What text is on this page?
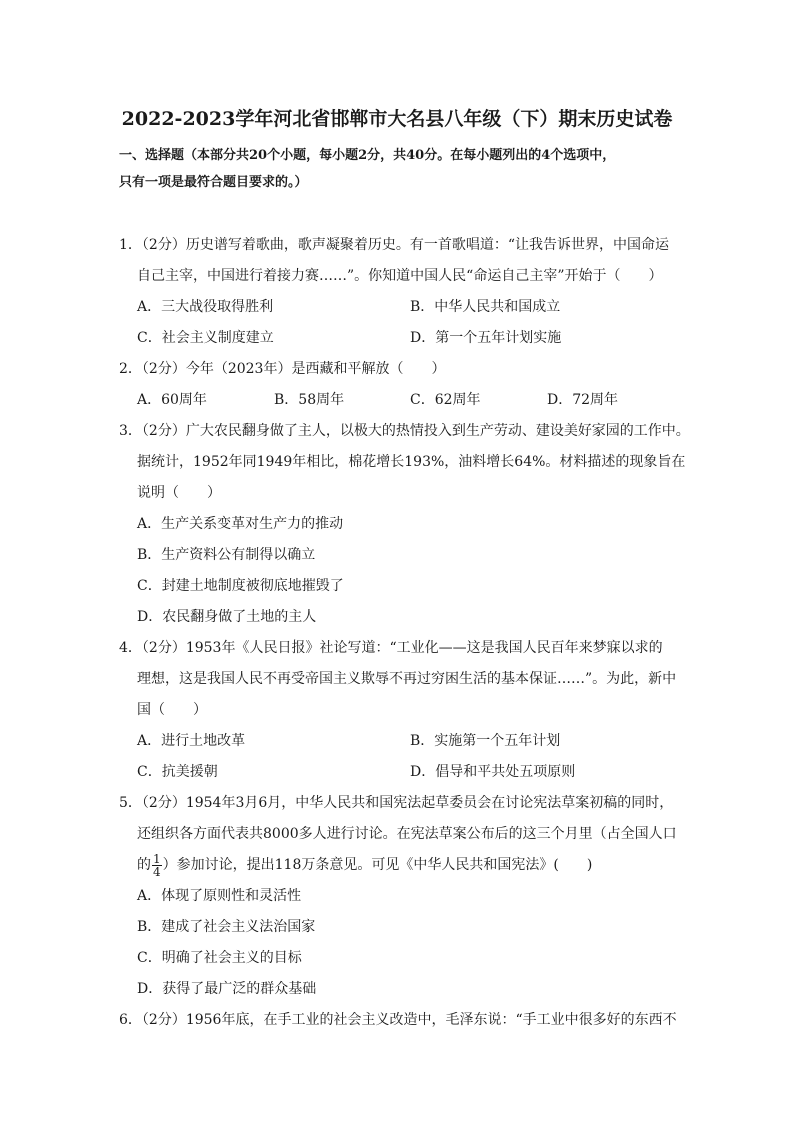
2022-2023学年河北省邯郸市大名县八年级（下）期末历史试卷
一、选择题（本部分共20个小题，每小题2分，共40分。在每小题列出的4个选项中，
只有一项是最符合题目要求的。）
1．（2分）历史谱写着歌曲，歌声凝聚着历史。有一首歌唱道：“让我告诉世界，中国命运
自己主宰，中国进行着接力赛……”。你知道中国人民“命运自己主宰”开始于（　　）
A．三大战役取得胜利	B．中华人民共和国成立
C．社会主义制度建立	D．第一个五年计划实施
2．（2分）今年（2023年）是西藏和平解放（　　）
A．60周年	B．58周年	C．62周年	D．72周年
3．（2分）广大农民翻身做了主人，以极大的热情投入到生产劳动、建设美好家园的工作中。
据统计，1952年同1949年相比，棉花增长193%，油料增长64%。材料描述的现象旨在
说明（　　）
A．生产关系变革对生产力的推动
B．生产资料公有制得以确立
C．封建土地制度被彻底地摧毁了
D．农民翻身做了土地的主人
4．（2分）1953年《人民日报》社论写道：“工业化——这是我国人民百年来梦寐以求的
理想，这是我国人民不再受帝国主义欺辱不再过穷困生活的基本保证……”。为此，新中
国（　　）
A．进行土地改革	B．实施第一个五年计划
C．抗美援朝	D．倡导和平共处五项原则
5．（2分）1954年3月6月，中华人民共和国宪法起草委员会在讨论宪法草案初稿的同时，
还组织各方面代表共8000多人进行讨论。在宪法草案公布后的这三个月里（占全国人口
的 $\frac{1}{4}$ ）参加讨论，提出118万条意见。可见《中华人民共和国宪法》(　　)
A．体现了原则性和灵活性
B．建成了社会主义法治国家
C．明确了社会主义的目标
D．获得了最广泛的群众基础
6．（2分）1956年底，在手工业的社会主义改造中，毛泽东说：“手工业中很多好的东西不
